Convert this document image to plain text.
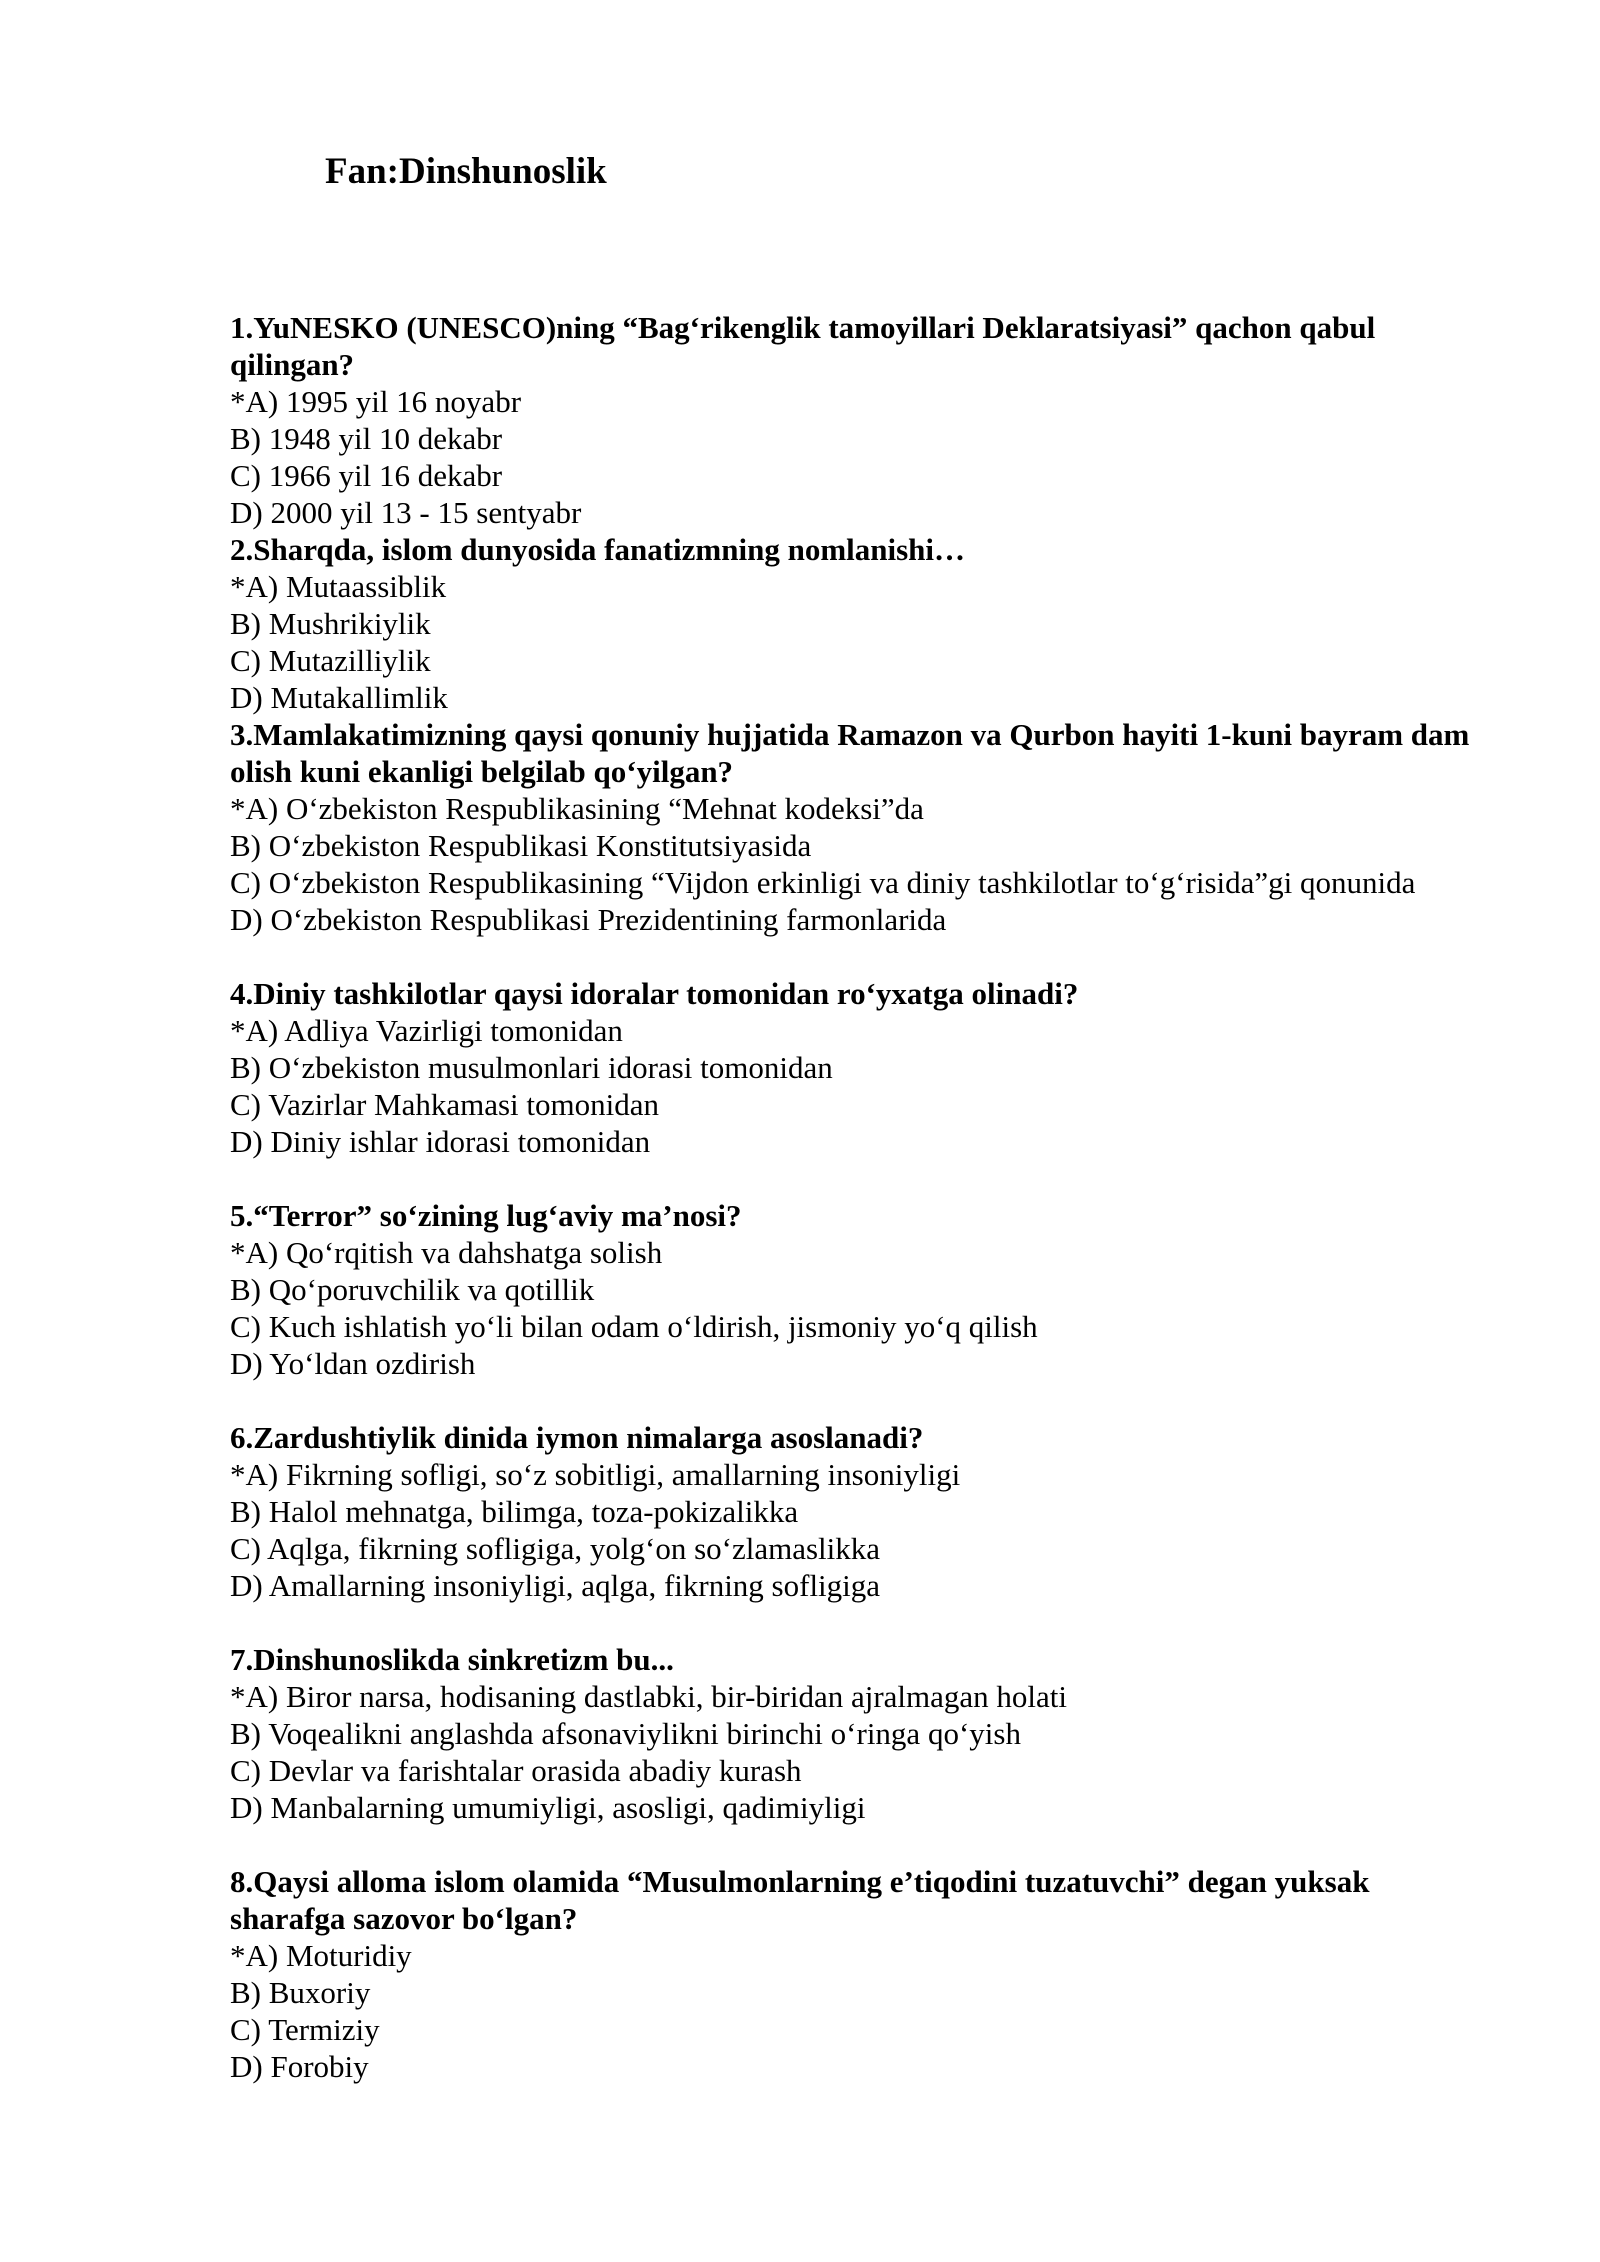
Fan:Dinshunoslik

1.YuNESKO (UNESCO)ning “Bag‘rikenglik tamoyillari Deklaratsiyasi” qachon qabul qilingan?

*A) 1995 yil 16 noyabr

B) 1948 yil 10 dekabr

C) 1966 yil 16 dekabr

D) 2000 yil 13 - 15 sentyabr

2.Sharqda, islom dunyosida fanatizmning nomlanishi…

*A) Mutaassiblik

B) Mushrikiylik

C) Mutazilliylik

D) Mutakallimlik

3.Mamlakatimizning qaysi qonuniy hujjatida Ramazon va Qurbon hayiti 1-kuni bayram dam olish kuni ekanligi belgilab qo‘yilgan?

*A) O‘zbekiston Respublikasining “Mehnat kodeksi”da

B) O‘zbekiston Respublikasi Konstitutsiyasida

C) O‘zbekiston Respublikasining “Vijdon erkinligi va diniy tashkilotlar to‘g‘risida”gi qonunida

D) O‘zbekiston Respublikasi Prezidentining farmonlarida

4.Diniy tashkilotlar qaysi idoralar tomonidan ro‘yxatga olinadi?

*A) Adliya Vazirligi tomonidan

B) O‘zbekiston musulmonlari idorasi tomonidan

C) Vazirlar Mahkamasi tomonidan

D) Diniy ishlar idorasi tomonidan

5.“Terror” so‘zining lug‘aviy ma’nosi?

*A) Qo‘rqitish va dahshatga solish

B) Qo‘poruvchilik va qotillik

C) Kuch ishlatish yo‘li bilan odam o‘ldirish, jismoniy yo‘q qilish

D) Yo‘ldan ozdirish

6.Zardushtiylik dinida iymon nimalarga asoslanadi?

*A) Fikrning sofligi, so‘z sobitligi, amallarning insoniyligi

B) Halol mehnatga, bilimga, toza-pokizalikka

C) Aqlga, fikrning sofligiga, yolg‘on so‘zlamaslikka

D) Amallarning insoniyligi, aqlga, fikrning sofligiga

7.Dinshunoslikda sinkretizm bu...

*A) Biror narsa, hodisaning dastlabki, bir-biridan ajralmagan holati

B) Voqealikni anglashda afsonaviylikni birinchi o‘ringa qo‘yish

C) Devlar va farishtalar orasida abadiy kurash

D) Manbalarning umumiyligi, asosligi, qadimiyligi

8.Qaysi alloma islom olamida “Musulmonlarning e’tiqodini tuzatuvchi” degan yuksak sharafga sazovor bo‘lgan?

*A) Moturidiy

B) Buxoriy

C) Termiziy

D) Forobiy
